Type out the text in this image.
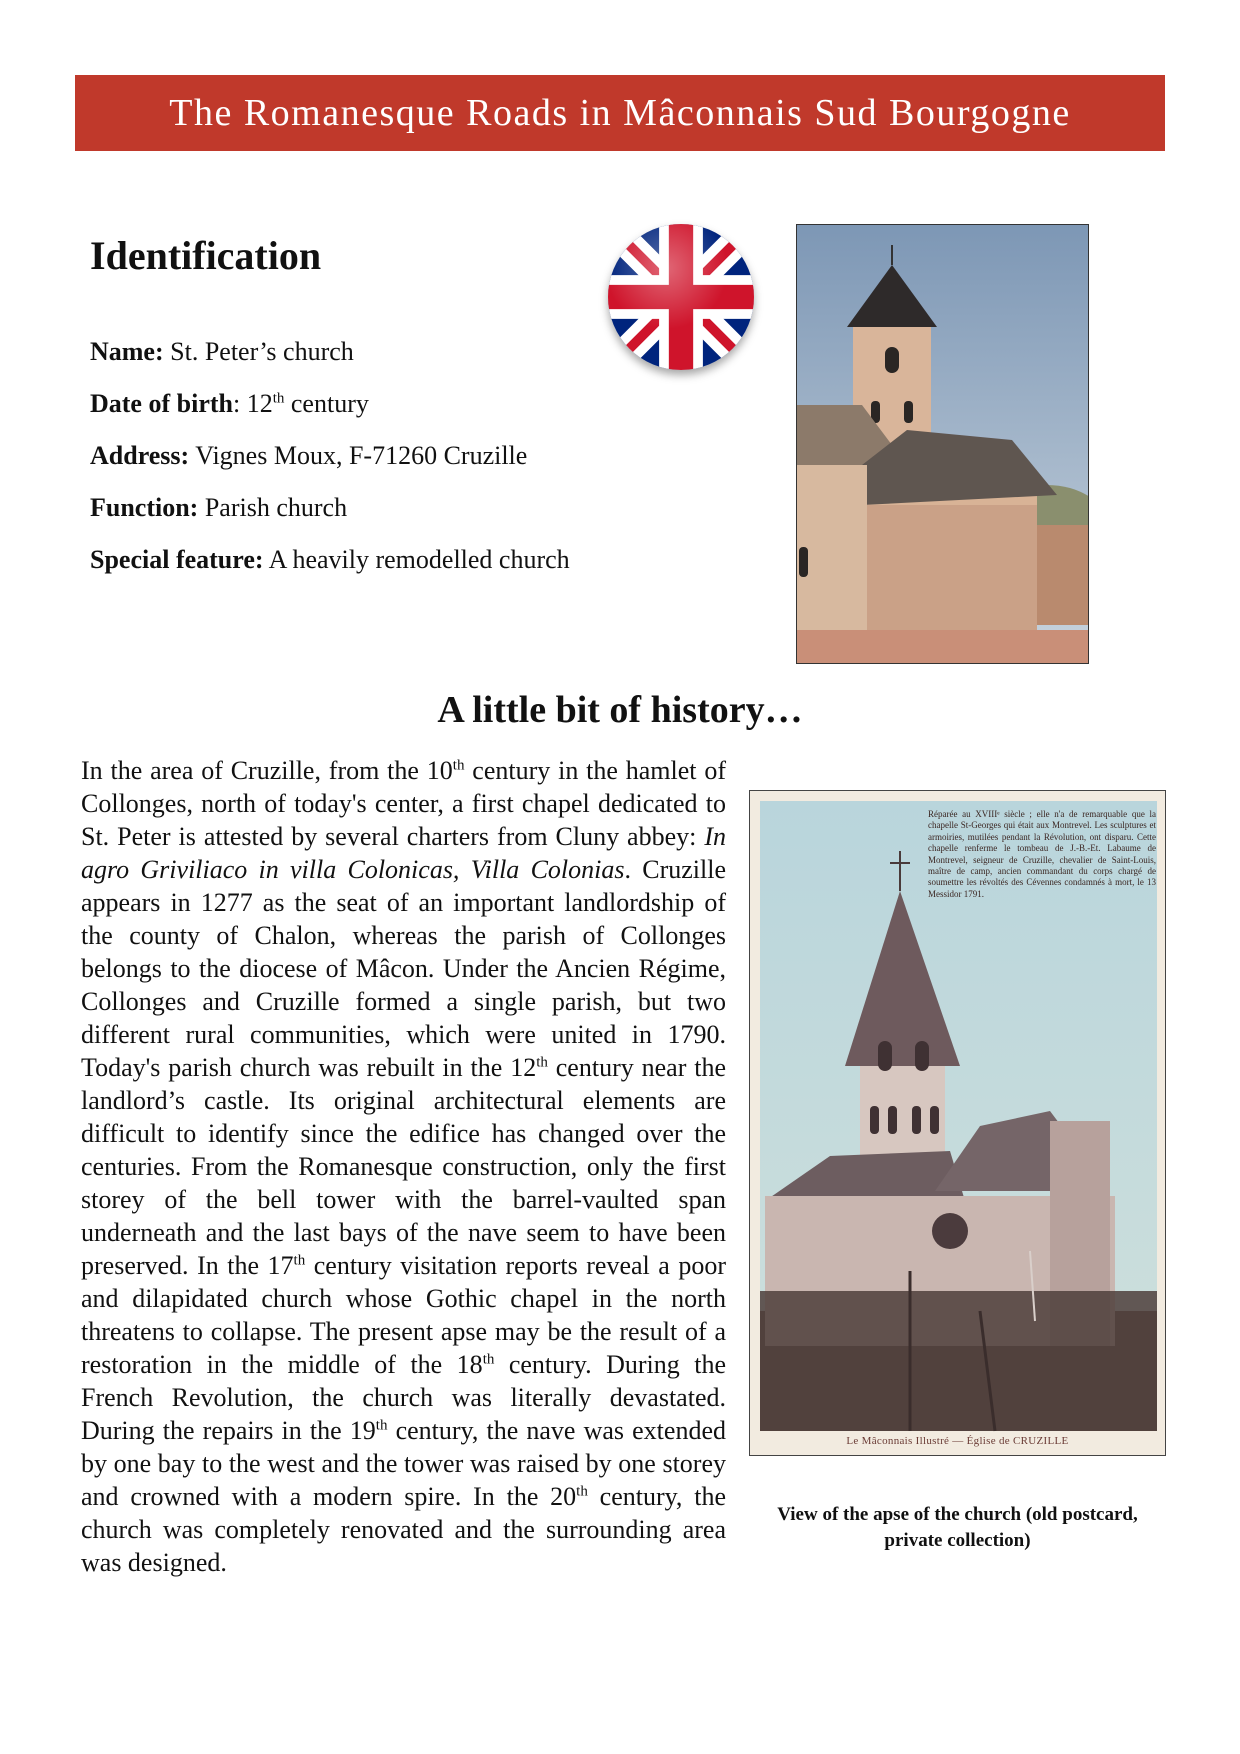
The Romanesque Roads in Mâconnais Sud Bourgogne
Identification

Name: St. Peter’s church

Date of birth: 12th century

Address: Vignes Moux, F-71260 Cruzille

Function: Parish church

Special feature: A heavily remodelled church

A little bit of history…

In the area of Cruzille, from the 10th century in the hamlet of Collonges, north of today's center, a first chapel dedicated to St. Peter is attested by several charters from Cluny abbey: In agro Griviliaco in villa Colonicas, Villa Colonias. Cruzille appears in 1277 as the seat of an important landlordship of the county of Chalon, whereas the parish of Collonges belongs to the diocese of Mâcon. Under the Ancien Régime, Collonges and Cruzille formed a single parish, but two different rural communities, which were united in 1790. Today's parish church was rebuilt in the 12th century near the landlord’s castle. Its original architectural elements are difficult to identify since the edifice has changed over the centuries. From the Romanesque construction, only the first storey of the bell tower with the barrel-vaulted span underneath and the last bays of the nave seem to have been preserved. In the 17th century visitation reports reveal a poor and dilapidated church whose Gothic chapel in the north threatens to collapse. The present apse may be the result of a restoration in the middle of the 18th century. During the French Revolution, the church was literally devastated. During the repairs in the 19th century, the nave was extended by one bay to the west and the tower was raised by one storey and crowned with a modern spire. In the 20th century, the church was completely renovated and the surrounding area was designed.

Réparée au XVIIIᵉ siècle ; elle n'a de remarquable que la chapelle St-Georges qui était aux Montrevel. Les sculptures et armoiries, mutilées pendant la Révolution, ont disparu. Cette chapelle renferme le tombeau de J.-B.-Et. Labaume de Montrevel, seigneur de Cruzille, chevalier de Saint-Louis, maître de camp, ancien commandant du corps chargé de soumettre les révoltés des Cévennes condamnés à mort, le 13 Messidor 1791.

Le Mâconnais Illustré — Église de CRUZILLE

View of the apse of the church (old postcard, private collection)
